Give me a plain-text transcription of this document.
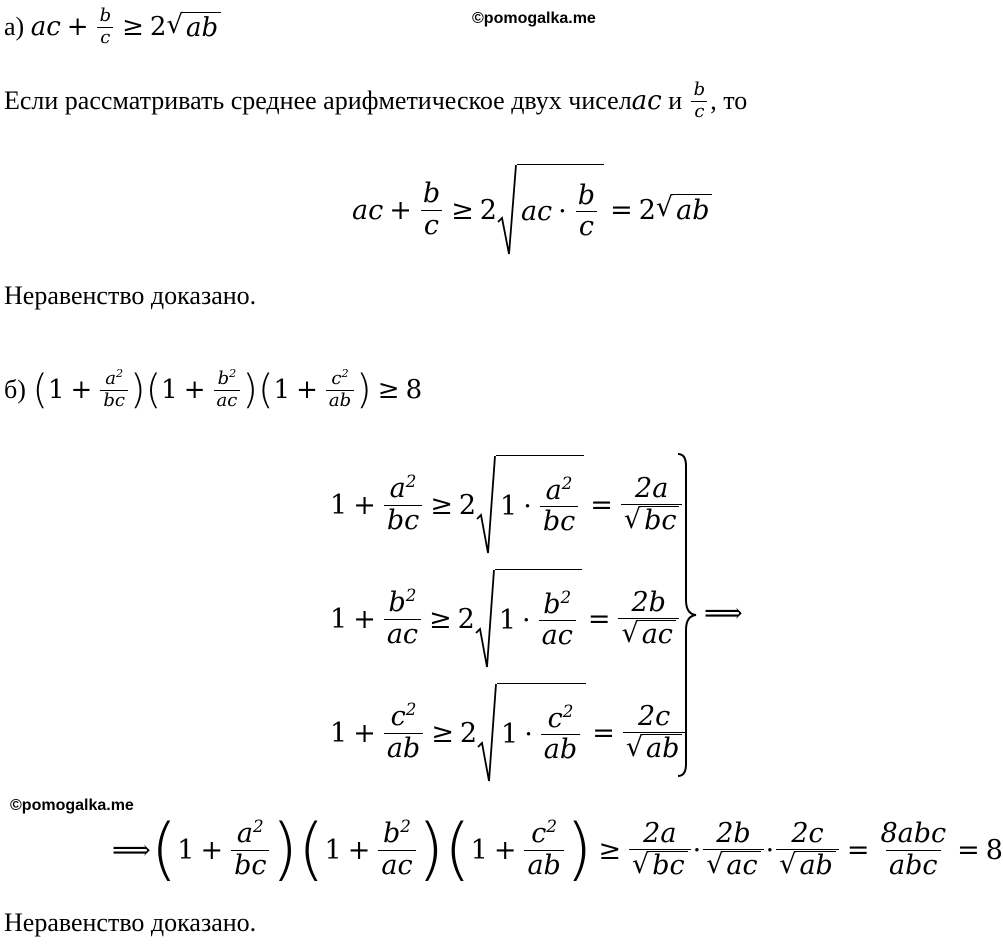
©pomogalka.me
©pomogalka.me
а)
ac + $\frac{b}{c} \ge 2$ √ ab
Если рассматривать среднее арифметическое двух чисел ac и $\frac{b}{c}$ , то
ac + $\frac{b}{c} \ge 2$ ac · $\frac{b}{c} = 2$ √ ab
Неравенство доказано.
б)
( $1 + \frac{a^2}{bc}$ ) ( $1 + \frac{b^2}{ac}$ ) ( $1 + \frac{c^2}{ab}$ ) ≥ 8
$1 + \frac{a^2}{bc} \ge 2$ $1 \cdot \frac{a^2}{bc} = \frac{2a}{√ bc}$
$1 + \frac{b^2}{ac} \ge 2$ $1 \cdot \frac{b^2}{ac} = \frac{2b}{√ ac}$
$1 + \frac{c^2}{ab} \ge 2$ $1 \cdot \frac{c^2}{ab} = \frac{2c}{√ ab}$
⟹
⟹ ( $1 + \frac{a^2}{bc}$ ) ( $1 + \frac{b^2}{ac}$ ) ( $1 + \frac{c^2}{ab}$ ) ≥ $\frac{2a}{√ bc} \cdot \frac{2b}{√ ac} \cdot \frac{2c}{√ ab} = \frac{\text{8abc}}{\text{abc}} = 8$
Неравенство доказано.
